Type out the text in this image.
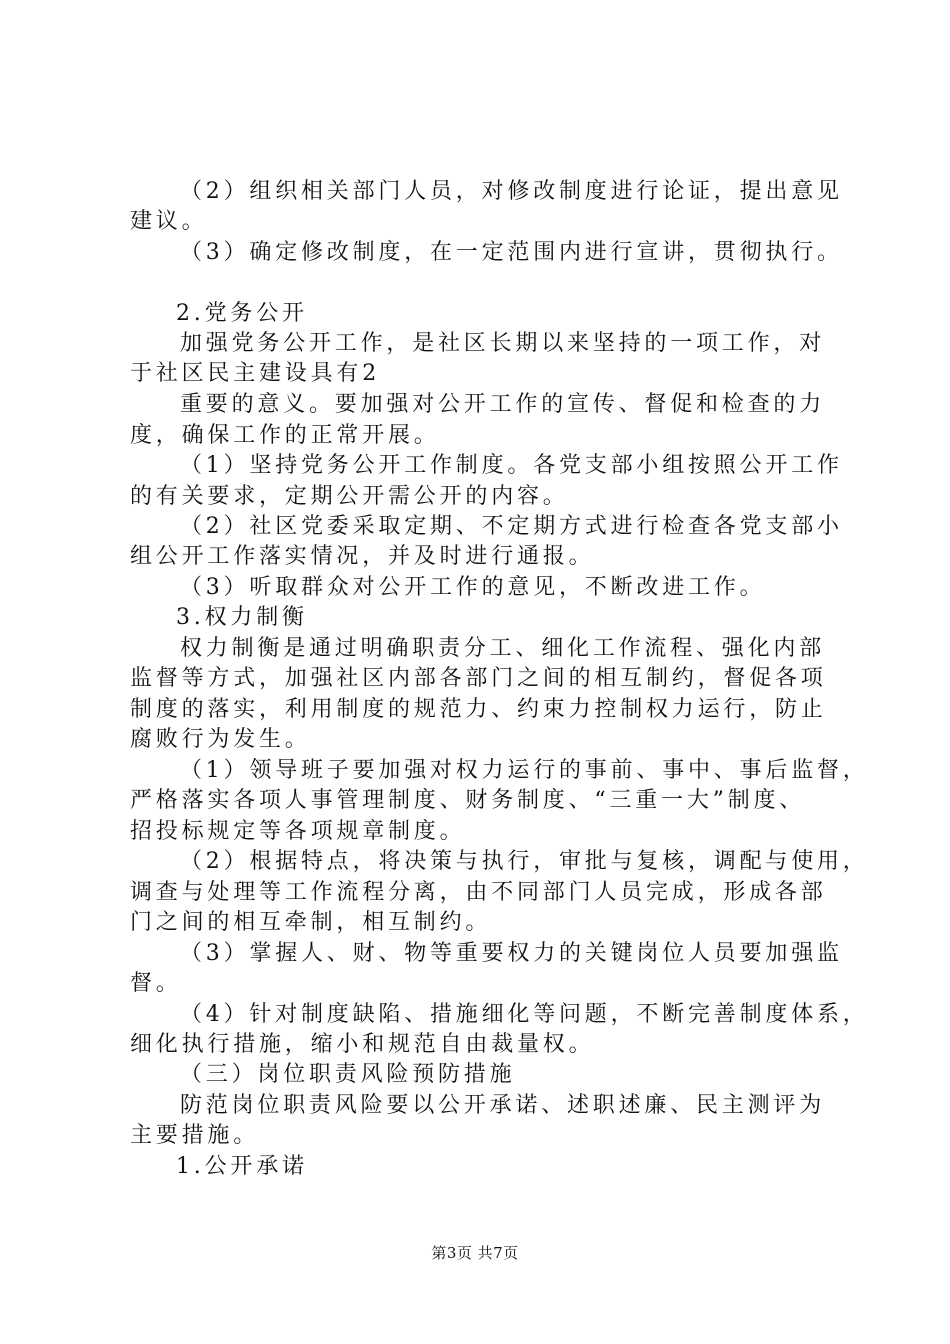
（2）组织相关部门人员，对修改制度进行论证，提出意见
建议。
（3）确定修改制度，在一定范围内进行宣讲，贯彻执行。
2.党务公开
加强党务公开工作，是社区长期以来坚持的一项工作，对
于社区民主建设具有2
重要的意义。要加强对公开工作的宣传、督促和检查的力
度，确保工作的正常开展。
（1）坚持党务公开工作制度。各党支部小组按照公开工作
的有关要求，定期公开需公开的内容。
（2）社区党委采取定期、不定期方式进行检查各党支部小
组公开工作落实情况，并及时进行通报。
（3）听取群众对公开工作的意见，不断改进工作。
3.权力制衡
权力制衡是通过明确职责分工、细化工作流程、强化内部
监督等方式，加强社区内部各部门之间的相互制约，督促各项
制度的落实，利用制度的规范力、约束力控制权力运行，防止
腐败行为发生。
（1）领导班子要加强对权力运行的事前、事中、事后监督，
严格落实各项人事管理制度、财务制度、“三重一大”制度、
招投标规定等各项规章制度。
（2）根据特点，将决策与执行，审批与复核，调配与使用，
调查与处理等工作流程分离，由不同部门人员完成，形成各部
门之间的相互牵制，相互制约。
（3）掌握人、财、物等重要权力的关键岗位人员要加强监
督。
（4）针对制度缺陷、措施细化等问题，不断完善制度体系，
细化执行措施，缩小和规范自由裁量权。
（三）岗位职责风险预防措施
防范岗位职责风险要以公开承诺、述职述廉、民主测评为
主要措施。
1.公开承诺
第3页 共7页
